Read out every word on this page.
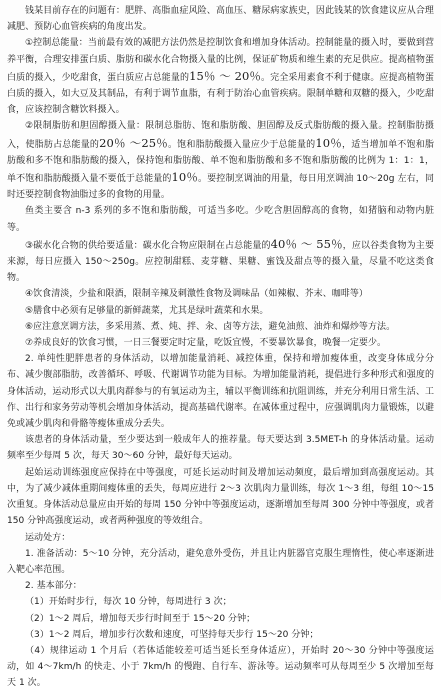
钱某目前存在的问题有：肥胖、高脂血症风险、高血压、糖尿病家族史，因此钱某的饮食建议应从合理减肥、预防心血管疾病的角度出发。

①控制总能量：当前最有效的减肥方法仍然是控制饮食和增加身体活动。控制能量的摄入时，要做到营养平衡，合理安排蛋白质、脂肪和碳水化合物摄入量的比例，保证矿物质和维生素的充足供应。提高植物蛋白质的摄入，少吃甜食，蛋白质应占总能量的15％ ～ 20％。完全采用素食不利于健康。应提高植物蛋白质的摄入，如大豆及其制品，有利于调节血脂，有利于防治心血管疾病。限制单糖和双糖的摄入，少吃甜食，应该控制含糖饮料摄入。

②限制脂肪和胆固醇摄入量：限制总脂肪、饱和脂肪酸、胆固醇及反式脂肪酸的摄入量。控制脂肪摄入，使脂肪占总能量的20％ ～25％。饱和脂肪酸摄入量应少于总能量的10％，适当增加单不饱和脂肪酸和多不饱和脂肪酸的摄入，保持饱和脂肪酸、单不饱和脂肪酸和多不饱和脂肪酸的比例为 1：1：1，单不饱和脂肪酸摄入量不要低于总能量的10％。要控制烹调油的用量，每日用烹调油 10～20g 左右，同时还要控制食物油脂过多的食物的用量。

鱼类主要含 n-3 系列的多不饱和脂肪酸，可适当多吃。少吃含胆固醇高的食物，如猪脑和动物内脏等。

③碳水化合物的供给要适量：碳水化合物应限制在占总能量的40％ ～ 55％，应以谷类食物为主要来源，每日应摄入 150～250g。应控制甜糕、麦芽糖、果糖、蜜饯及甜点等的摄入量，尽量不吃这类食物。

④饮食清淡，少盐和限酒，限制辛辣及刺激性食物及调味品（如辣椒、芥末、咖啡等）

⑤膳食中必须有足够量的新鲜蔬菜，尤其是绿叶蔬菜和水果。

⑥应注意烹调方法，多采用蒸、煮、炖、拌、汆、卤等方法，避免油煎、油炸和爆炒等方法。

⑦养成良好的饮食习惯，一日三餐要定时定量，吃饭宜慢，不要暴饮暴食，晚餐一定要少。

2. 单纯性肥胖患者的身体活动，以增加能量消耗、减控体重，保持和增加瘦体重，改变身体成分分布、减少腹部脂肪，改善循环、呼吸、代谢调节功能为目标。为增加能量消耗，提倡进行多种形式和强度的身体活动，运动形式以大肌肉群参与的有氧运动为主，辅以平衡训练和抗阻训练，并充分利用日常生活、工作、出行和家务劳动等机会增加身体活动，提高基础代谢率。在减体重过程中，应强调肌肉力量锻炼，以避免或减少肌肉和骨骼等瘦体重成分丢失。

该患者的身体活动量，至少要达到一般成年人的推荐量。每天要达到 3.5MET-h 的身体活动量。运动频率至少每周 5 次，每天 30～60 分钟，最好每天运动。

起始运动训练强度应保持在中等强度，可延长运动时间及增加运动频度，最后增加到高强度运动。其中，为了减少减体重期间瘦体重的丢失，每周应进行 2～3 次肌肉力量训练，每次 1～3 组，每组 10～15 次重复。身体活动总量应由开始的每周 150 分钟中等强度运动，逐渐增加至每周 300 分钟中等强度，或者 150 分钟高强度运动，或者两种强度的等效组合。

运动处方：

1. 准备活动：5～10 分钟，充分活动，避免意外受伤，并且让内脏器官克服生理惰性，使心率逐渐进入靶心率范围。

2. 基本部分：

（1）开始时步行，每次 10 分钟，每周进行 3 次；

（2）1～2 周后，增加每天步行时间至于 15～20 分钟；

（3）1～2 周后，增加步行次数和速度，可坚持每天步行 15～20 分钟；

（4）规律运动 1 个月后（若体适能较差可适当延长至身体适应），开始时 20～30 分钟中等强度运动，如 4～7km/h 的快走、小于 7km/h 的慢跑、自行车、游泳等。运动频率可从每周至少 5 次增加至每天 1 次。
